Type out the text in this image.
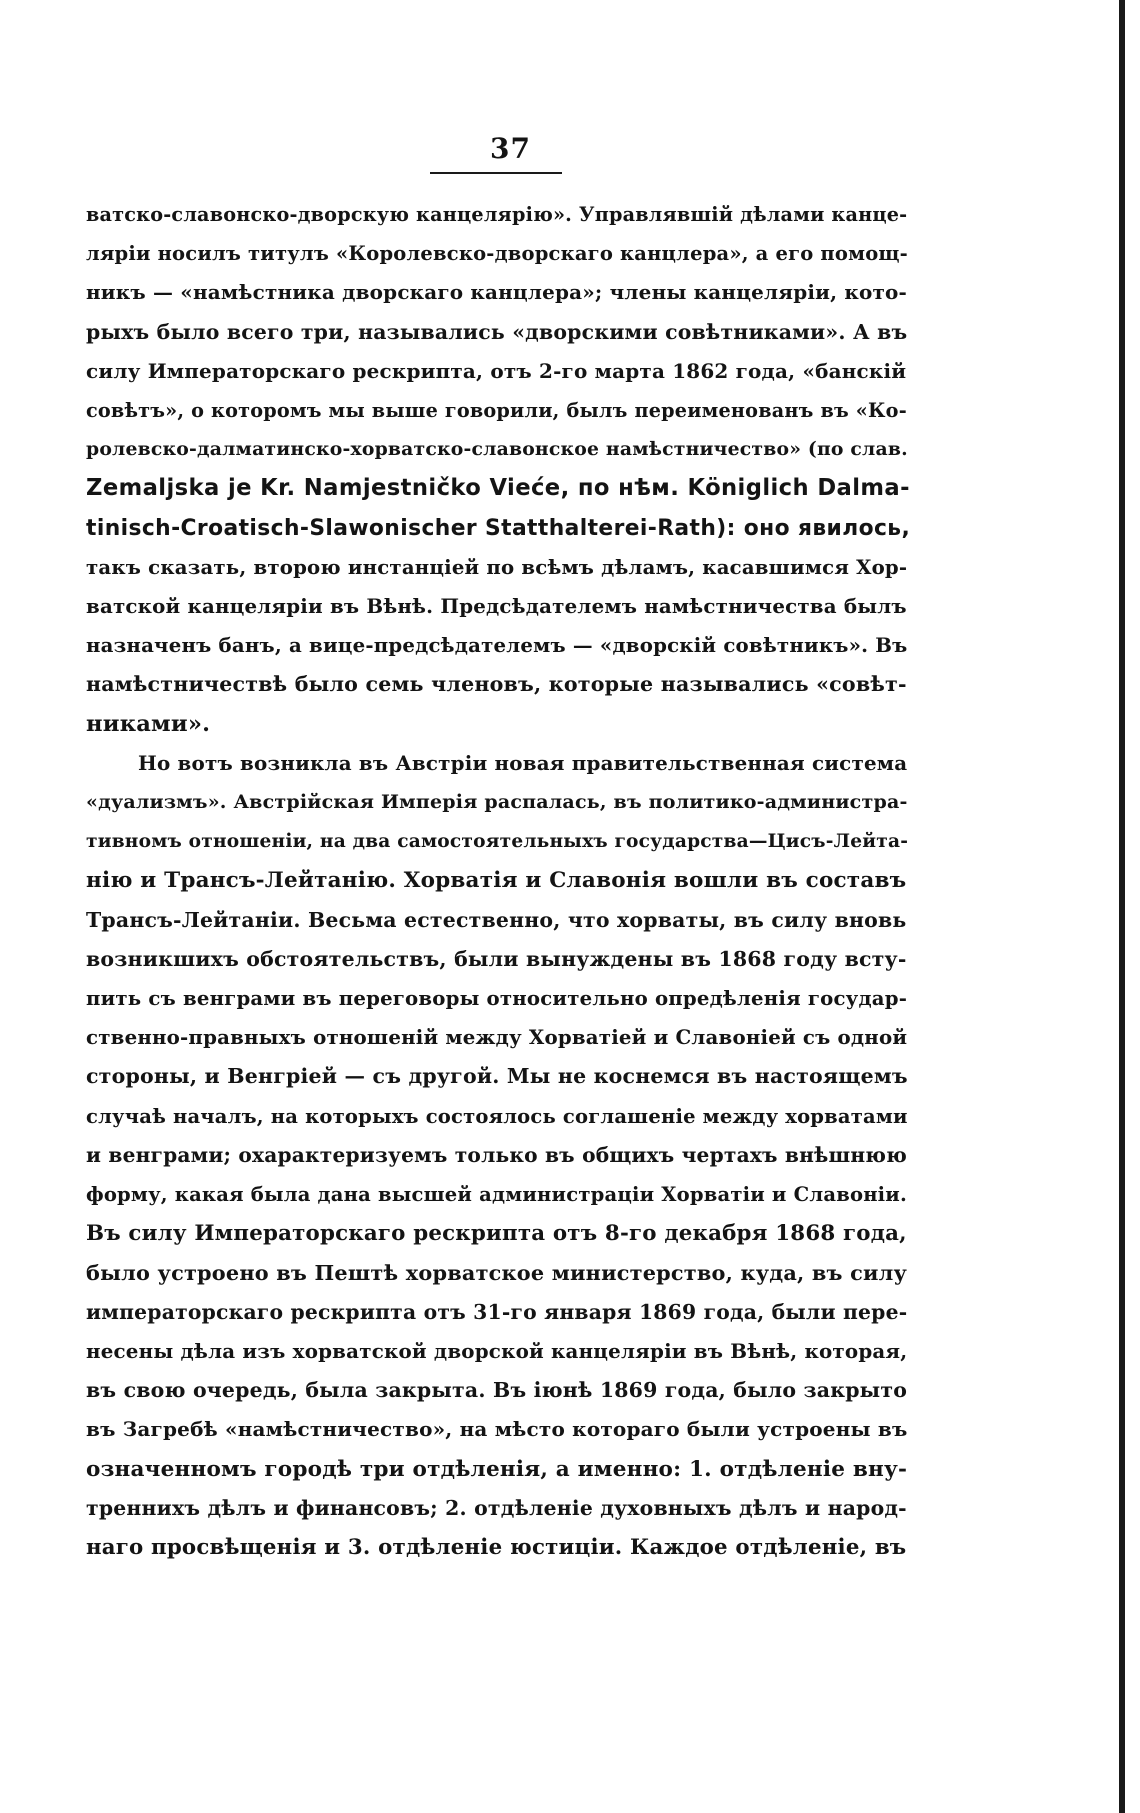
37
ватско-славонско-дворскую канцелярію». Управлявшій дѣлами канце-
ляріи носилъ титулъ «Королевско-дворскаго канцлера», а его помощ-
никъ — «намѣстника дворскаго канцлера»; члены канцеляріи, кото-
рыхъ было всего три, назывались «дворскими совѣтниками». А въ
силу Императорскаго рескрипта, отъ 2-го марта 1862 года, «банскій
совѣтъ», о которомъ мы выше говорили, былъ переименованъ въ «Ко-
ролевско-далматинско-хорватско-славонское намѣстничество» (по слав.
Zemaljska je Kr. Namjestničko Vieće, по нѣм. Königlich Dalma-
tinisch-Croatisch-Slawonischer Statthalterei-Rath): оно явилось,
такъ сказать, второю инстанціей по всѣмъ дѣламъ, касавшимся Хор-
ватской канцеляріи въ Вѣнѣ. Предсѣдателемъ намѣстничества былъ
назначенъ банъ, а вице-предсѣдателемъ — «дворскій совѣтникъ». Въ
намѣстничествѣ было семь членовъ, которые назывались «совѣт-
никами».
Но вотъ возникла въ Австріи новая правительственная система
«дуализмъ». Австрійская Имперія распалась, въ политико-администра-
тивномъ отношеніи, на два самостоятельныхъ государства—Цисъ-Лейта-
нію и Трансъ-Лейтанію. Хорватія и Славонія вошли въ составъ
Трансъ-Лейтаніи. Весьма естественно, что хорваты, въ силу вновь
возникшихъ обстоятельствъ, были вынуждены въ 1868 году всту-
пить съ венграми въ переговоры относительно опредѣленія государ-
ственно-правныхъ отношеній между Хорватіей и Славоніей съ одной
стороны, и Венгріей — съ другой. Мы не коснемся въ настоящемъ
случаѣ началъ, на которыхъ состоялось соглашеніе между хорватами
и венграми; охарактеризуемъ только въ общихъ чертахъ внѣшнюю
форму, какая была дана высшей администраціи Хорватіи и Славоніи.
Въ силу Императорскаго рескрипта отъ 8-го декабря 1868 года,
было устроено въ Пештѣ хорватское министерство, куда, въ силу
императорскаго рескрипта отъ 31-го января 1869 года, были пере-
несены дѣла изъ хорватской дворской канцеляріи въ Вѣнѣ, которая,
въ свою очередь, была закрыта. Въ іюнѣ 1869 года, было закрыто
въ Загребѣ «намѣстничество», на мѣсто котораго были устроены въ
означенномъ городѣ три отдѣленія, а именно: 1. отдѣленіе вну-
треннихъ дѣлъ и финансовъ; 2. отдѣленіе духовныхъ дѣлъ и народ-
наго просвѣщенія и 3. отдѣленіе юстиціи. Каждое отдѣленіе, въ
